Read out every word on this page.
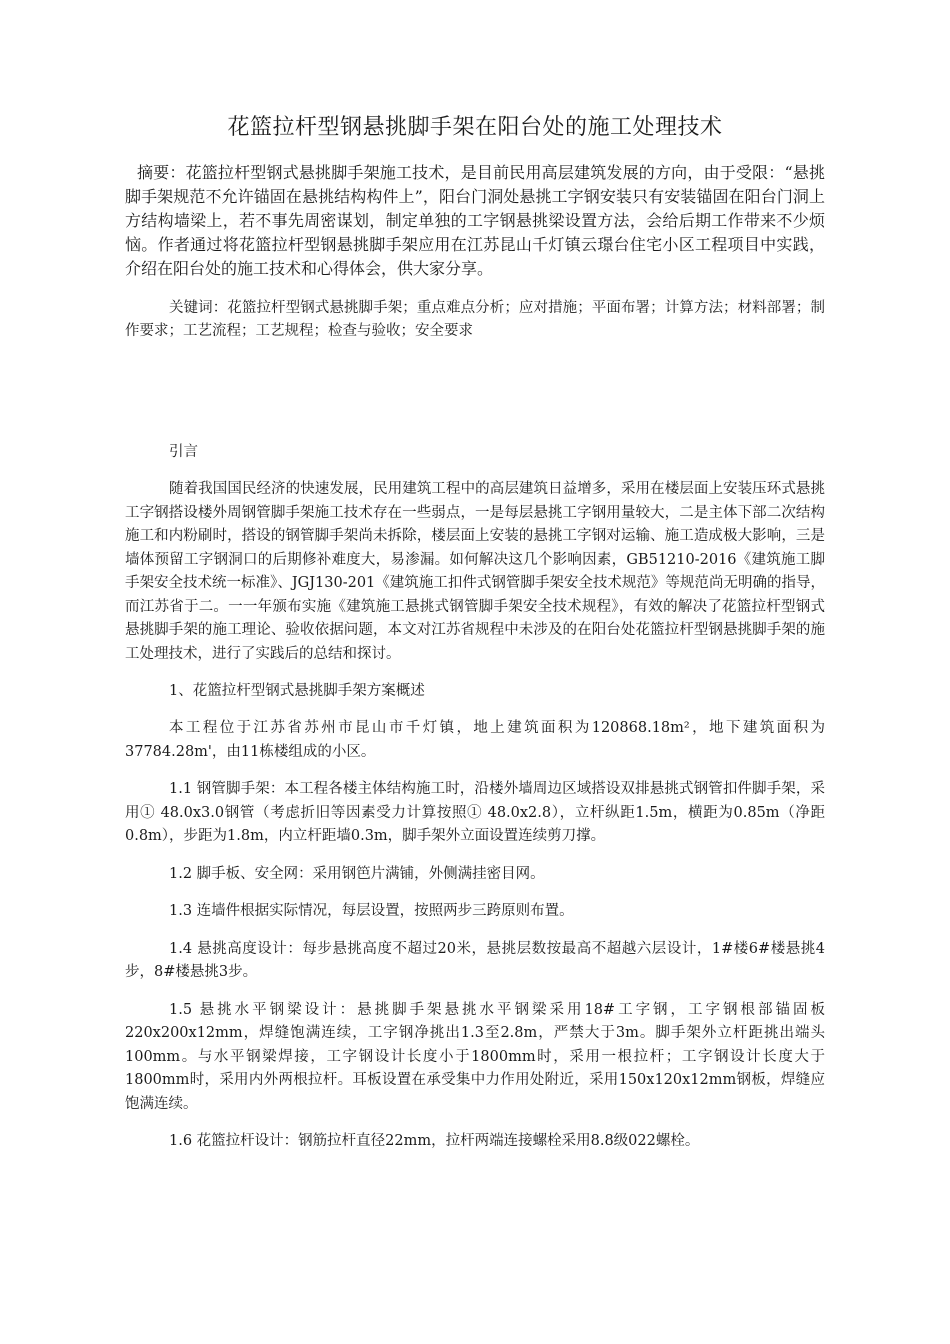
花篮拉杆型钢悬挑脚手架在阳台处的施工处理技术

摘要：花篮拉杆型钢式悬挑脚手架施工技术，是目前民用高层建筑发展的方向，由于受限：“悬挑脚手架规范不允许锚固在悬挑结构构件上”，阳台门洞处悬挑工字钢安装只有安装锚固在阳台门洞上方结构墙梁上，若不事先周密谋划，制定单独的工字钢悬挑梁设置方法，会给后期工作带来不少烦恼。作者通过将花篮拉杆型钢悬挑脚手架应用在江苏昆山千灯镇云璟台住宅小区工程项目中实践，介绍在阳台处的施工技术和心得体会，供大家分享。

关键词：花篮拉杆型钢式悬挑脚手架；重点难点分析；应对措施；平面布署；计算方法；材料部署；制作要求；工艺流程；工艺规程；检查与验收；安全要求

引言

随着我国国民经济的快速发展，民用建筑工程中的高层建筑日益增多，采用在楼层面上安装压环式悬挑工字钢搭设楼外周钢管脚手架施工技术存在一些弱点，一是每层悬挑工字钢用量较大，二是主体下部二次结构施工和内粉刷时，搭设的钢管脚手架尚未拆除，楼层面上安装的悬挑工字钢对运输、施工造成极大影响，三是墙体预留工字钢洞口的后期修补难度大，易渗漏。如何解决这几个影响因素，GB51210-2016《建筑施工脚手架安全技术统一标准》、JGJ130-201《建筑施工扣件式钢管脚手架安全技术规范》等规范尚无明确的指导，而江苏省于二。一一年颁布实施《建筑施工悬挑式钢管脚手架安全技术规程》，有效的解决了花篮拉杆型钢式悬挑脚手架的施工理论、验收依据问题，本文对江苏省规程中未涉及的在阳台处花篮拉杆型钢悬挑脚手架的施工处理技术，进行了实践后的总结和探讨。

1、花篮拉杆型钢式悬挑脚手架方案概述

本工程位于江苏省苏州市昆山市千灯镇，地上建筑面积为120868.18m²，地下建筑面积为37784.28m'，由11栋楼组成的小区。

1.1 钢管脚手架：本工程各楼主体结构施工时，沿楼外墙周边区域搭设双排悬挑式钢管扣件脚手架，采用① 48.0x3.0钢管（考虑折旧等因素受力计算按照① 48.0x2.8），立杆纵距1.5m，横距为0.85m（净距0.8m），步距为1.8m，内立杆距墙0.3m，脚手架外立面设置连续剪刀撑。

1.2 脚手板、安全网：采用钢笆片满铺，外侧满挂密目网。

1.3 连墙件根据实际情况，每层设置，按照两步三跨原则布置。

1.4 悬挑高度设计：每步悬挑高度不超过20米，悬挑层数按最高不超越六层设计，1#楼6#楼悬挑4步，8#楼悬挑3步。

1.5 悬挑水平钢梁设计：悬挑脚手架悬挑水平钢梁采用18#工字钢，工字钢根部锚固板220x200x12mm，焊缝饱满连续，工字钢净挑出1.3至2.8m，严禁大于3m。脚手架外立杆距挑出端头100mm。与水平钢梁焊接，工字钢设计长度小于1800mm时，采用一根拉杆；工字钢设计长度大于1800mm时，采用内外两根拉杆。耳板设置在承受集中力作用处附近，采用150x120x12mm钢板，焊缝应饱满连续。

1.6 花篮拉杆设计：钢筋拉杆直径22mm，拉杆两端连接螺栓采用8.8级022螺栓。
